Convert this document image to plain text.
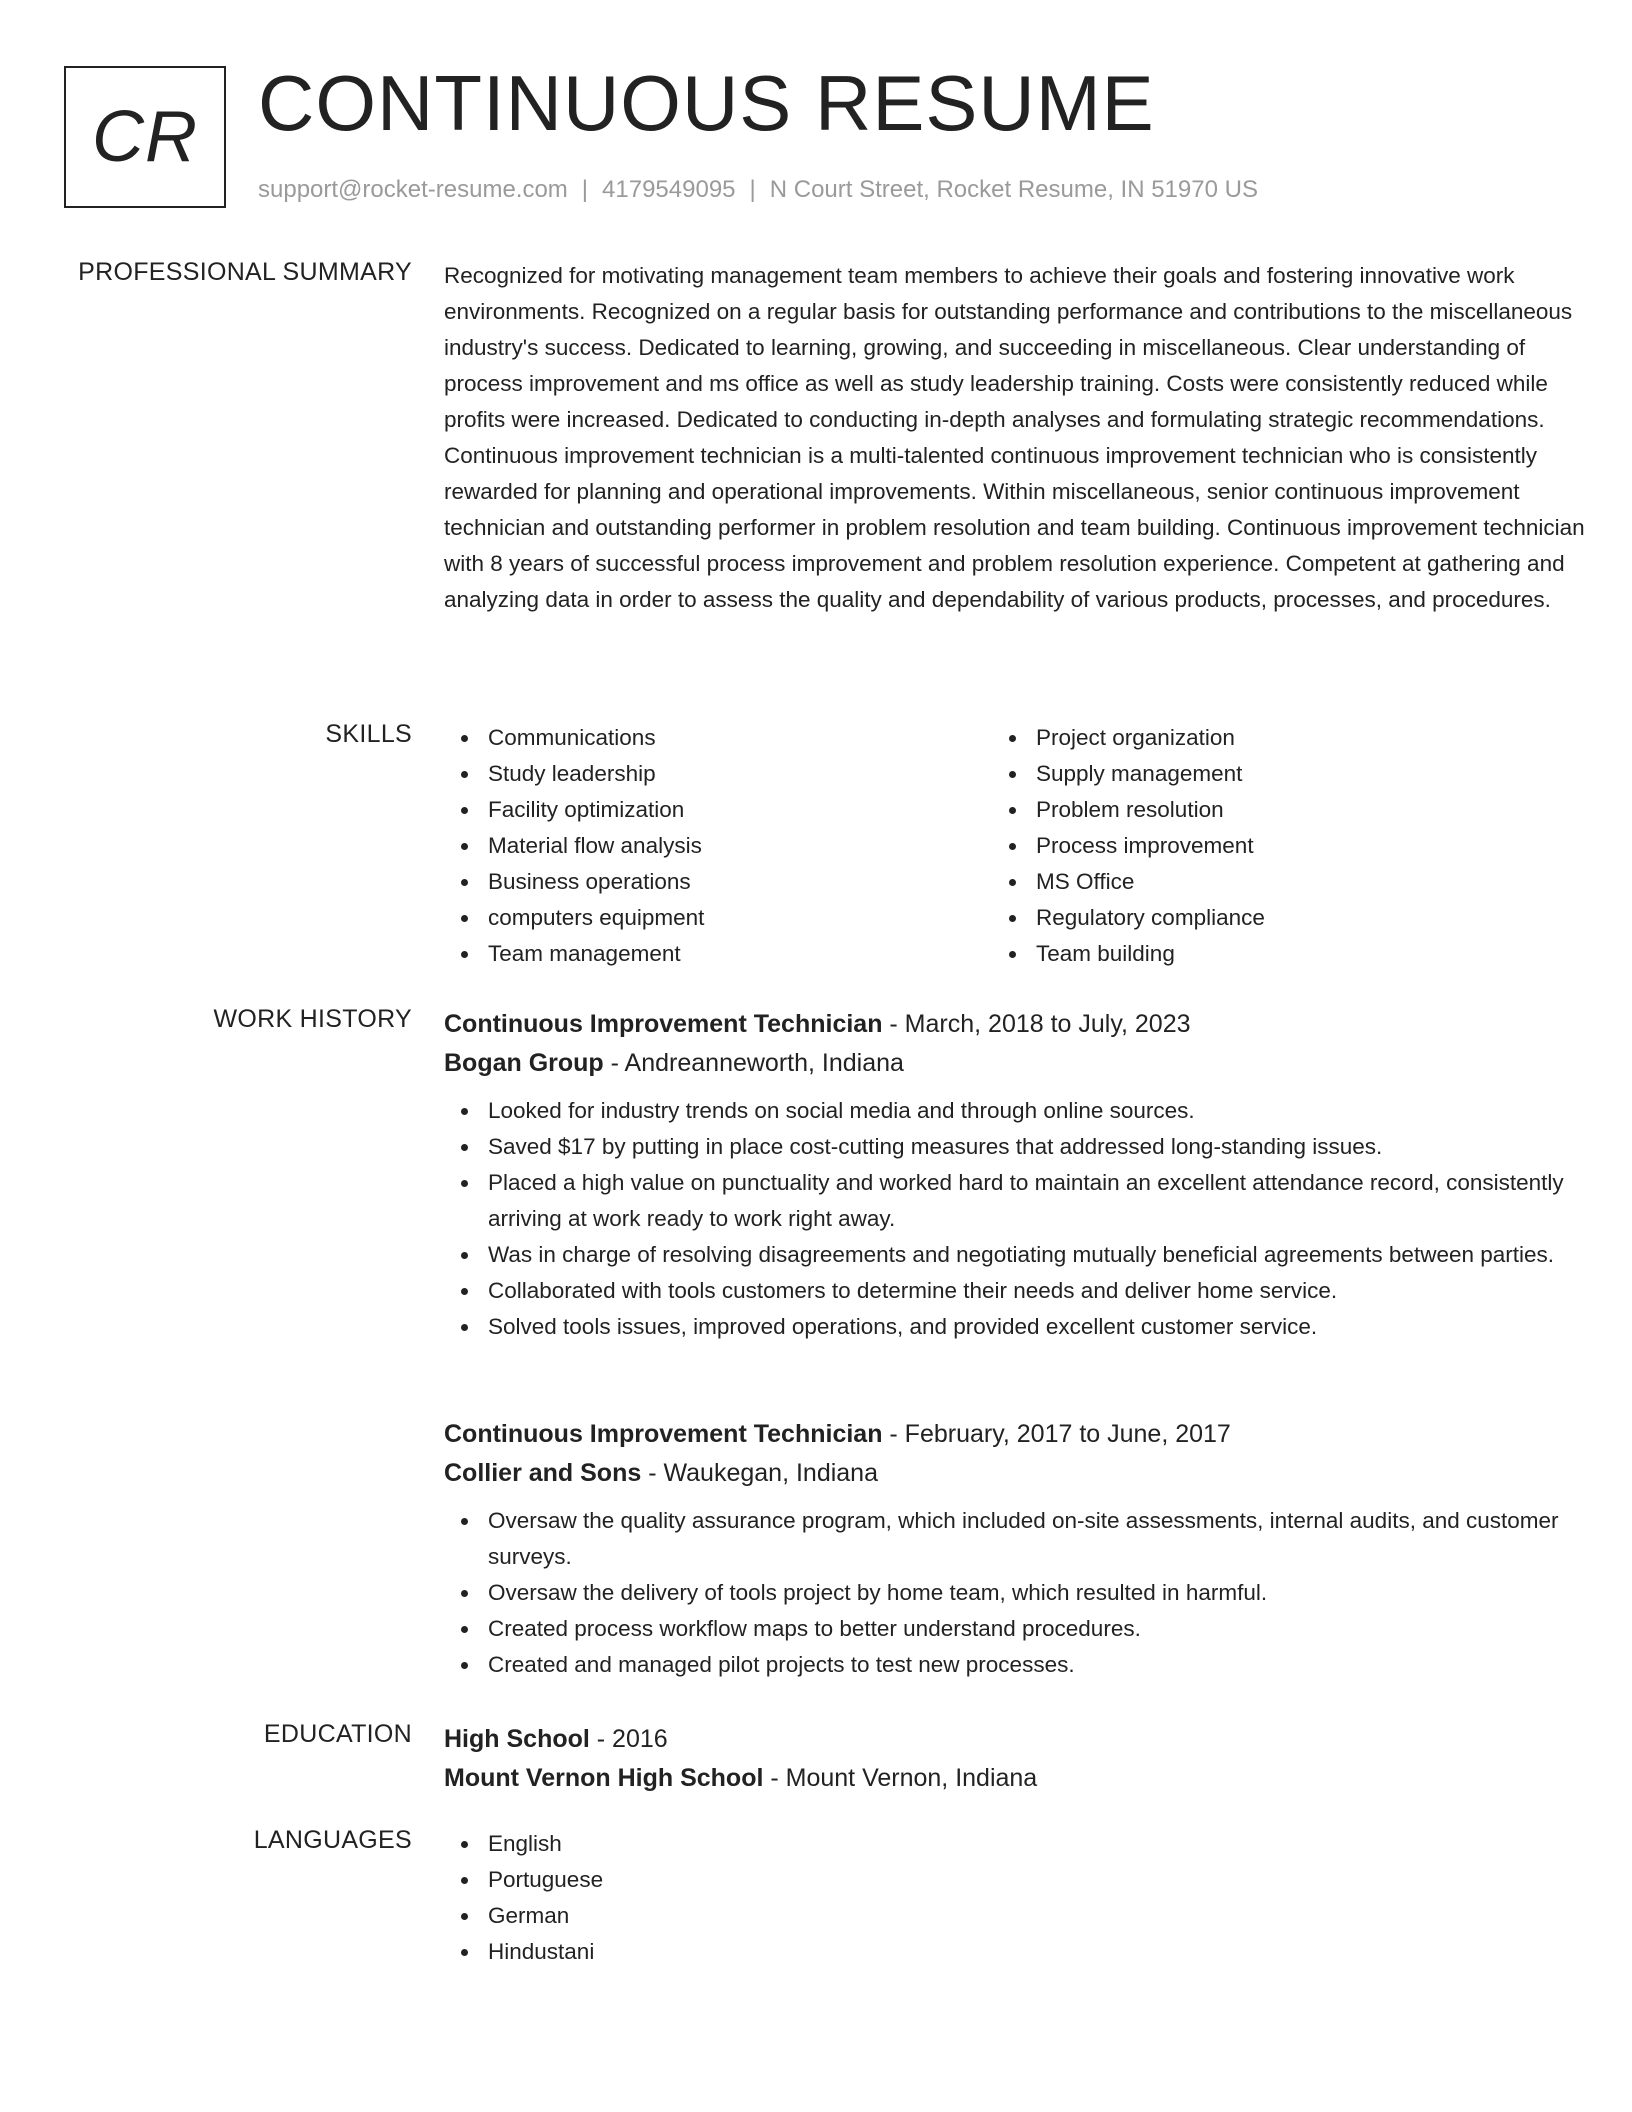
CR CONTINUOUS RESUME
support@rocket-resume.com | 4179549095 | N Court Street, Rocket Resume, IN 51970 US
PROFESSIONAL SUMMARY Recognized for motivating management team members to achieve their goals and fostering innovative work environments. Recognized on a regular basis for outstanding performance and contributions to the miscellaneous industry's success. Dedicated to learning, growing, and succeeding in miscellaneous. Clear understanding of process improvement and ms office as well as study leadership training. Costs were consistently reduced while profits were increased. Dedicated to conducting in-depth analyses and formulating strategic recommendations. Continuous improvement technician is a multi-talented continuous improvement technician who is consistently rewarded for planning and operational improvements. Within miscellaneous, senior continuous improvement technician and outstanding performer in problem resolution and team building. Continuous improvement technician with 8 years of successful process improvement and problem resolution experience. Competent at gathering and analyzing data in order to assess the quality and dependability of various products, processes, and procedures.
SKILLS	Communications
Study leadership
Facility optimization
Material flow analysis
Business operations
computers equipment
Team management
Project organization
Supply management
Problem resolution
Process improvement
MS Office
Regulatory compliance
Team building
WORK HISTORY Continuous Improvement Technician - March, 2018 to July, 2023
Bogan Group - Andreanneworth, Indiana
Looked for industry trends on social media and through online sources.
Saved $17 by putting in place cost-cutting measures that addressed long-standing issues.
Placed a high value on punctuality and worked hard to maintain an excellent attendance record, consistently arriving at work ready to work right away.
Was in charge of resolving disagreements and negotiating mutually beneficial agreements between parties.
Collaborated with tools customers to determine their needs and deliver home service.
Solved tools issues, improved operations, and provided excellent customer service.
Continuous Improvement Technician - February, 2017 to June, 2017
Collier and Sons - Waukegan, Indiana
Oversaw the quality assurance program, which included on-site assessments, internal audits, and customer surveys.
Oversaw the delivery of tools project by home team, which resulted in harmful.
Created process workflow maps to better understand procedures.
Created and managed pilot projects to test new processes.
EDUCATION High School - 2016
Mount Vernon High School - Mount Vernon, Indiana
LANGUAGES	English
Portuguese
German
Hindustani
